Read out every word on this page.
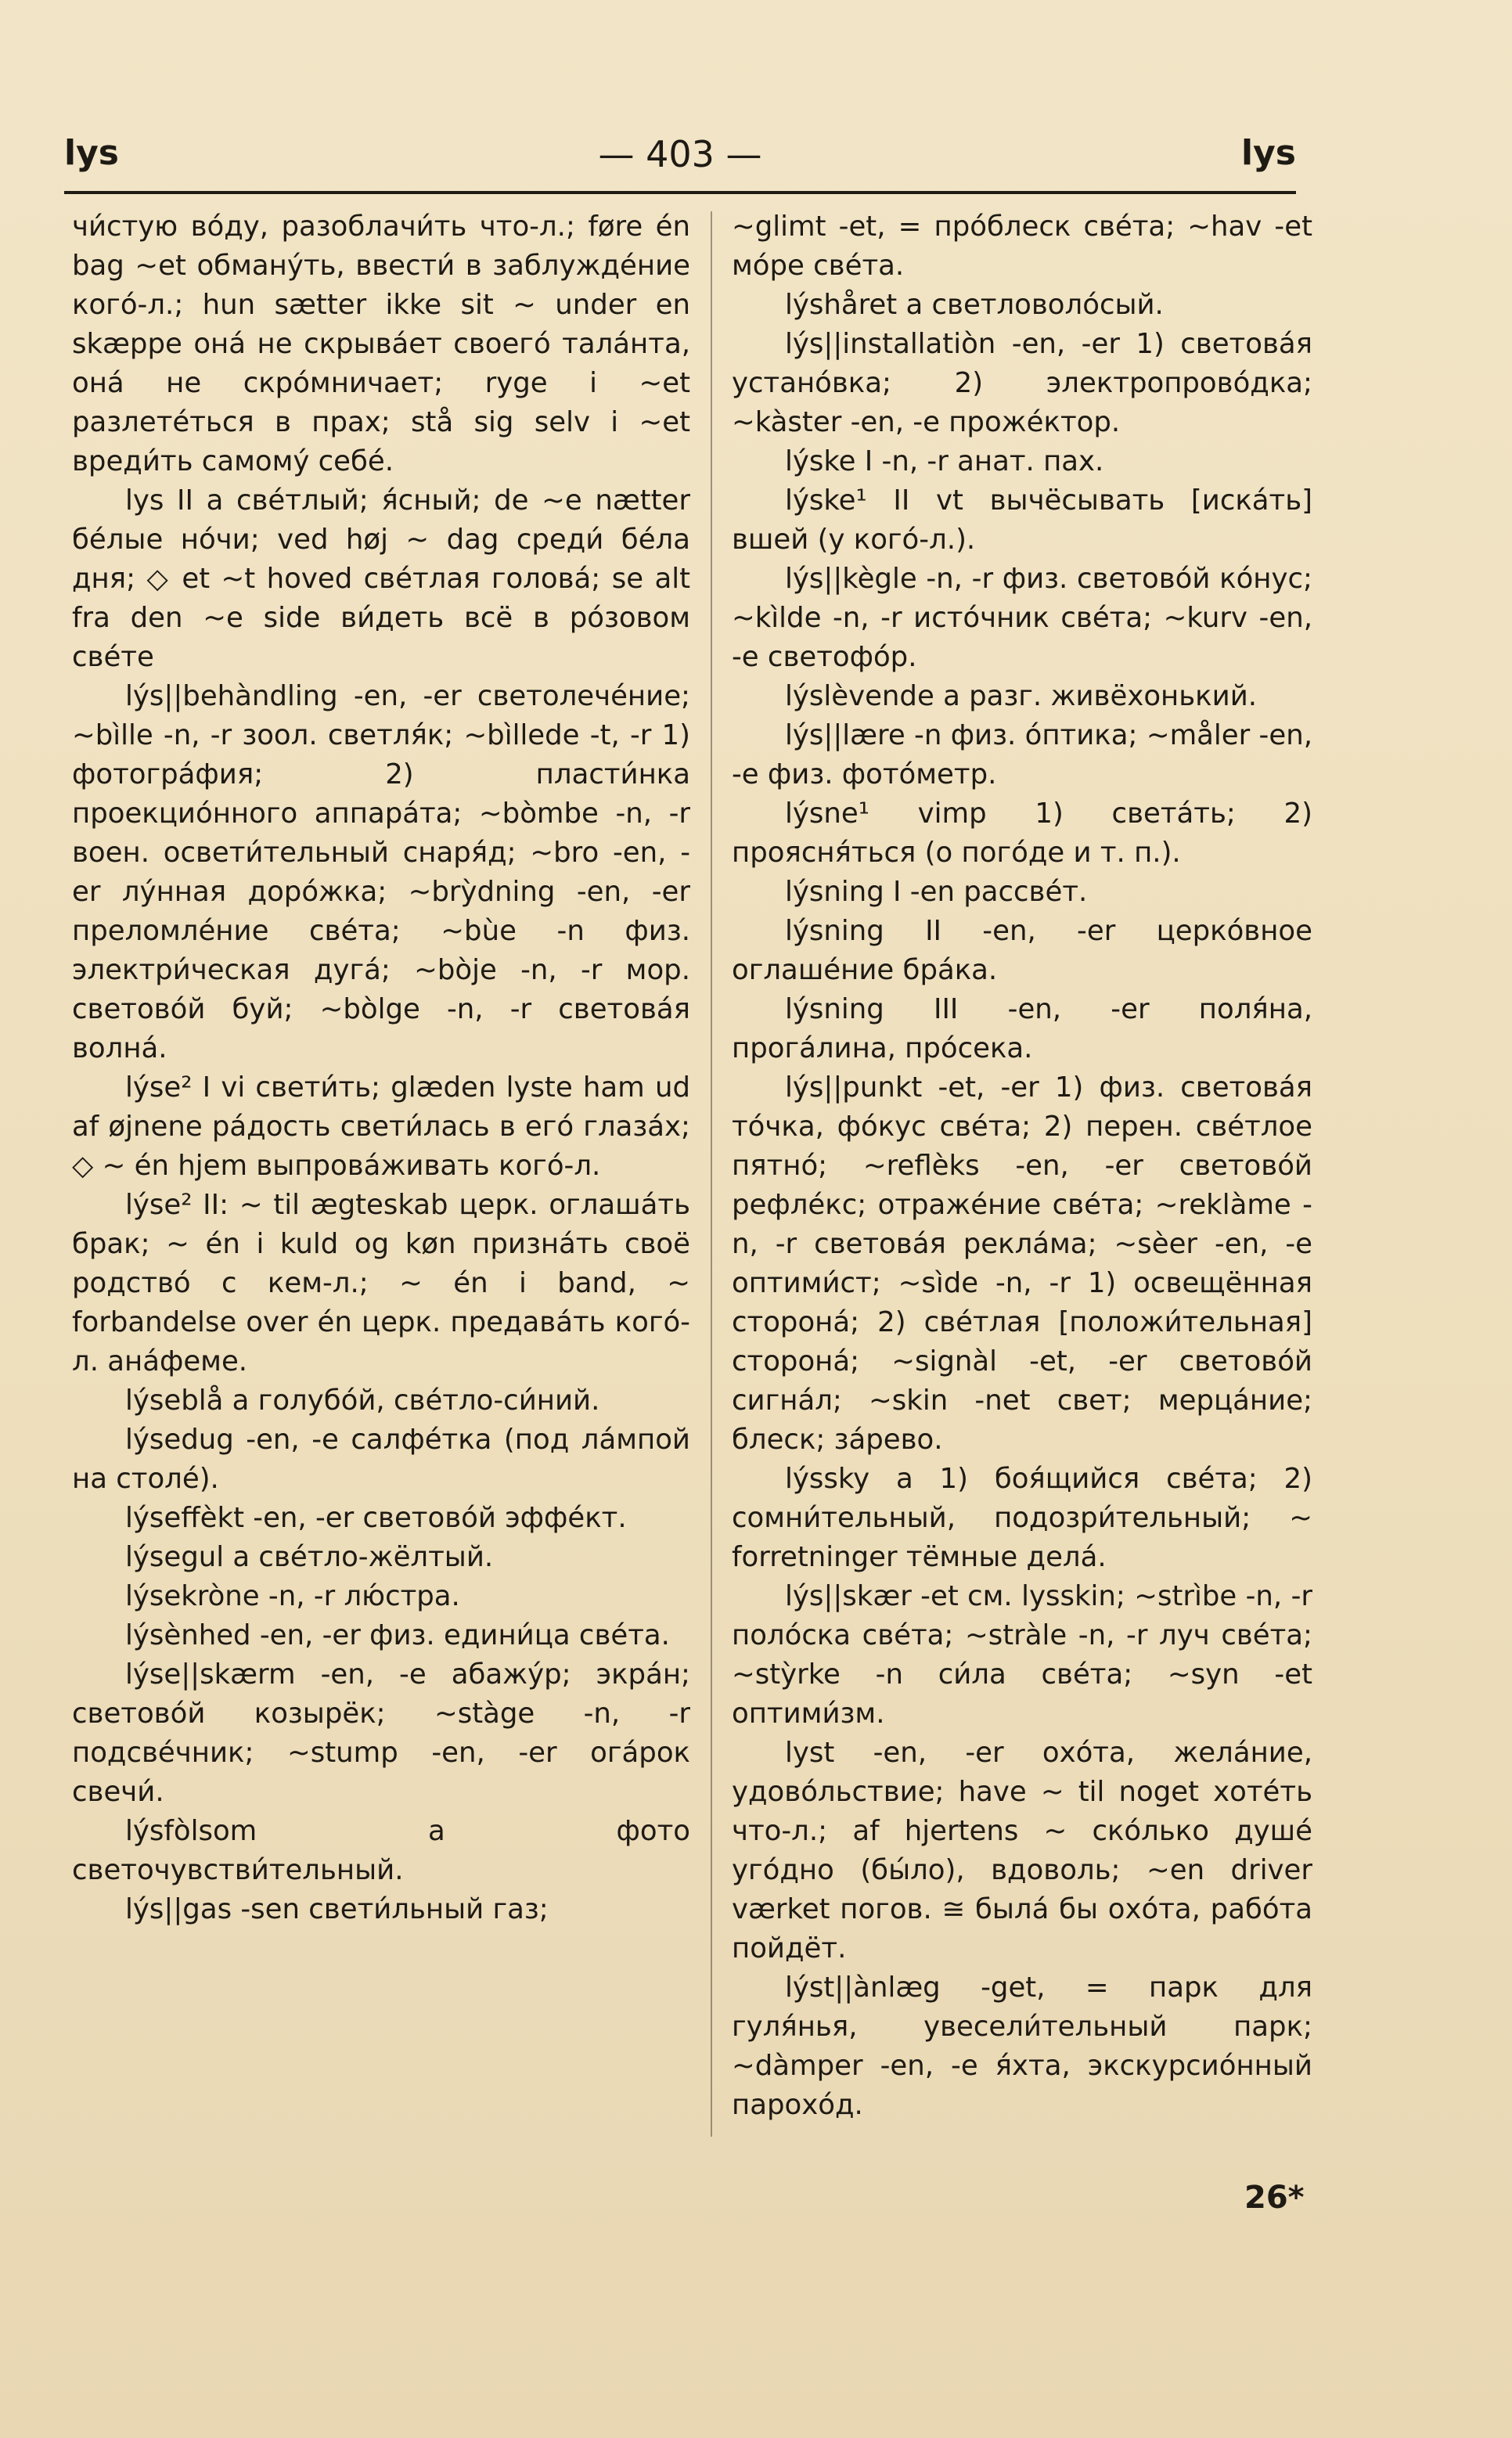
lys	— 403 —	lys

чи́стую во́ду, разоблачи́ть что-л.; føre én bag ~et обману́ть, ввести́ в заблужде́ние кого́-л.; hun sætter ikke sit ~ under en skæppe она́ не скрыва́ет своего́ тала́нта, она́ не скро́мничает; ryge i ~et разлете́ться в прах; stå sig selv i ~et вреди́ть самому́ себе́.

lys II a све́тлый; я́сный; de ~e nætter бе́лые но́чи; ved høj ~ dag среди́ бе́ла дня; ◇ et ~t hoved све́тлая голова́; se alt fra den ~e side ви́деть всё в ро́зовом све́те

lýs||behàndling -en, -er светолече́ние; ~bìlle -n, -r зоол. светля́к; ~bìllede -t, -r 1) фотогра́фия; 2) пласти́нка проекцио́нного аппара́та; ~bòmbe -n, -r воен. освети́тельный снаря́д; ~bro -en, -er лу́нная доро́жка; ~brỳdning -en, -er преломле́ние све́та; ~bùe -n физ. электри́ческая дуга́; ~bòje -n, -r мор. светово́й буй; ~bòlge -n, -r светова́я волна́.

lýse² I vi свети́ть; glæden lyste ham ud af øjnene ра́дость свети́лась в его́ глаза́х; ◇ ~ én hjem выпрова́живать кого́-л.

lýse² II: ~ til ægteskab церк. оглаша́ть брак; ~ én i kuld og køn призна́ть своё родство́ с кем-л.; ~ én i band, ~ forbandelse over én церк. предава́ть кого́-л. ана́феме.

lýseblå a голубо́й, све́тло-си́ний.

lýsedug -en, -e салфе́тка (под ла́мпой на столе́).

lýseffèkt -en, -er светово́й эффе́кт.

lýsegul a све́тло-жёлтый.

lýsekròne -n, -r лю́стра.

lýsènhed -en, -er физ. едини́ца све́та.

lýse||skærm -en, -e абажу́р; экра́н; светово́й козырёк; ~stàge -n, -r подсве́чник; ~stump -en, -er ога́рок свечи́.

lýsfòlsom a фото светочувстви́тельный.

lýs||gas -sen свети́льный газ;

~glimt -et, = про́блеск све́та; ~hav -et мо́ре све́та.

lýshåret a светловоло́сый.

lýs||installatiòn -en, -er 1) светова́я устано́вка; 2) электропрово́дка; ~kàster -en, -e проже́ктор.

lýske I -n, -r анат. пах.

lýske¹ II vt вычёсывать [иска́ть] вшей (у кого́-л.).

lýs||kègle -n, -r физ. светово́й ко́нус; ~kìlde -n, -r исто́чник све́та; ~kurv -en, -e светофо́р.

lýslèvende a разг. живёхонький.

lýs||lære -n физ. о́птика; ~måler -en, -e физ. фото́метр.

lýsne¹ vimp 1) света́ть; 2) проясня́ться (о пого́де и т. п.).

lýsning I -en рассве́т.

lýsning II -en, -er церко́вное оглаше́ние бра́ка.

lýsning III -en, -er поля́на, прога́лина, про́сека.

lýs||punkt -et, -er 1) физ. светова́я то́чка, фо́кус све́та; 2) перен. све́тлое пятно́; ~reflèks -en, -er светово́й рефле́кс; отраже́ние све́та; ~reklàme -n, -r светова́я рекла́ма; ~sèer -en, -e оптими́ст; ~sìde -n, -r 1) освещённая сторона́; 2) све́тлая [положи́тельная] сторона́; ~signàl -et, -er светово́й сигна́л; ~skin -net свет; мерца́ние; блеск; за́рево.

lýssky a 1) боя́щийся све́та; 2) сомни́тельный, подозри́тельный; ~ forretninger тёмные дела́.

lýs||skær -et см. lysskin; ~strìbe -n, -r поло́ска све́та; ~stràle -n, -r луч све́та; ~stỳrke -n си́ла све́та; ~syn -et оптими́зм.

lyst -en, -er охо́та, жела́ние, удово́льствие; have ~ til noget хоте́ть что-л.; af hjertens ~ ско́лько душе́ уго́дно (бы́ло), вдоволь; ~en driver værket погов. ≅ была́ бы охо́та, рабо́та пойдёт.

lýst||ànlæg -get, = парк для гуля́нья, увесели́тельный парк; ~dàmper -en, -e я́хта, экскурсио́нный парохо́д.

26*
